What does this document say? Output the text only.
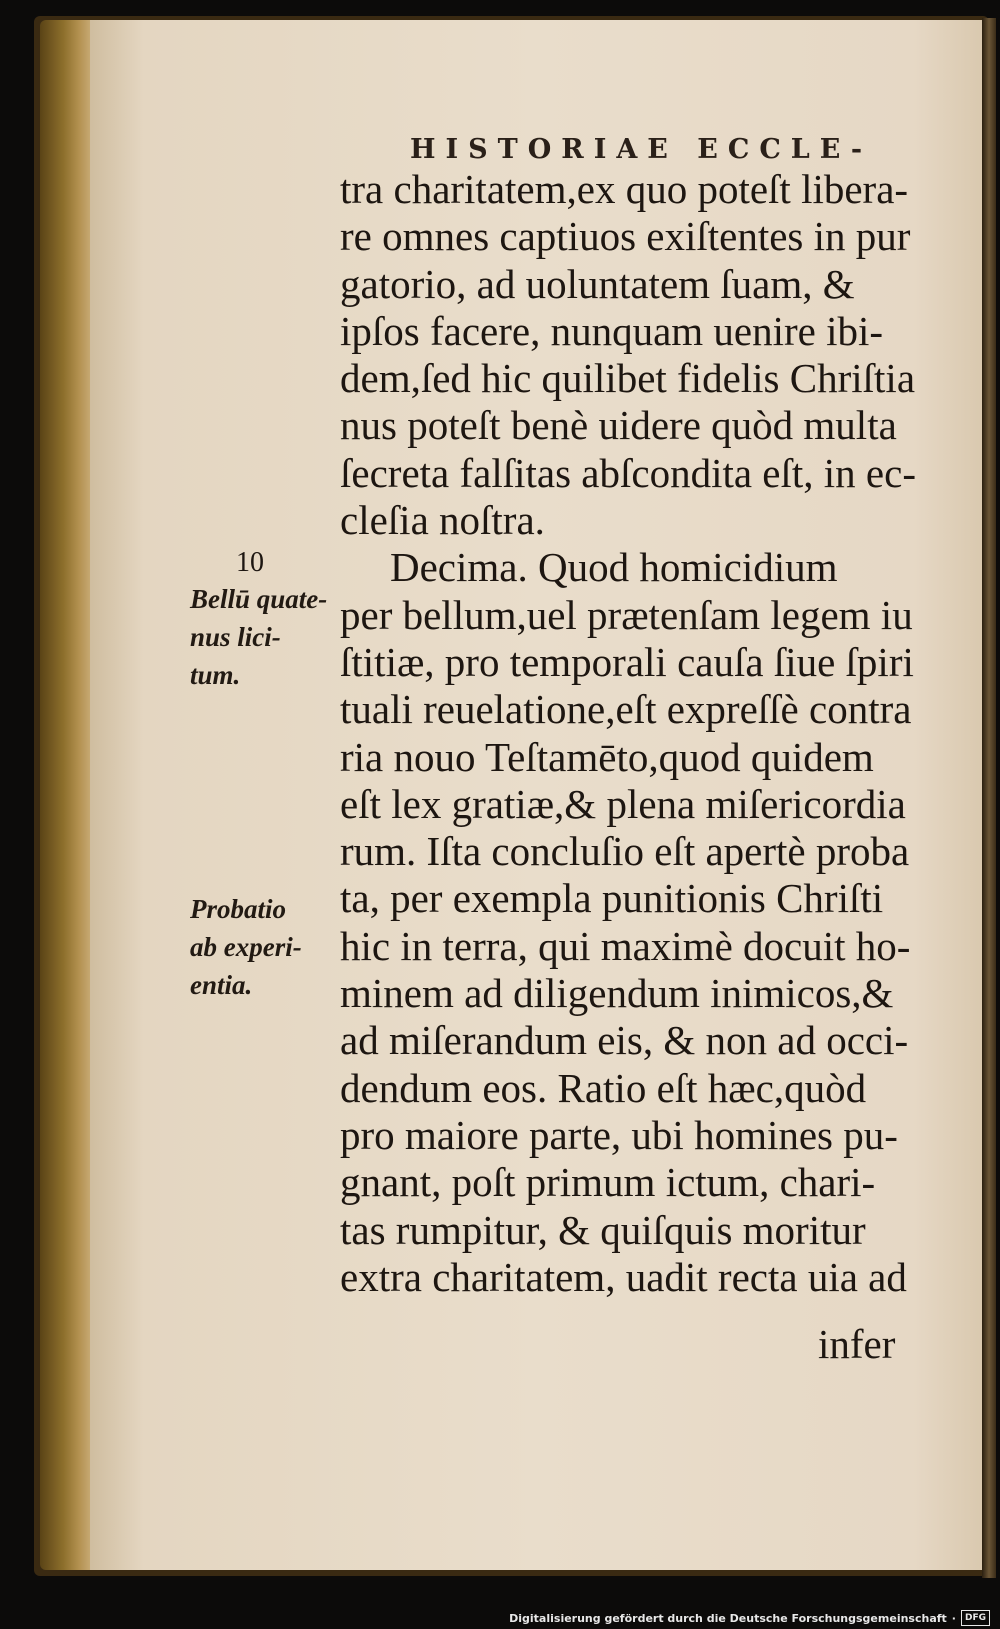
HISTORIAE ECCLE-
tra charitatem,ex quo poteſt libera-
re omnes captiuos exiſtentes in pur
gatorio, ad uoluntatem ſuam, &
ipſos facere, nunquam uenire ibi-
dem,ſed hic quilibet fidelis Chriſtia
nus poteſt benè uidere quòd multa
ſecreta falſitas abſcondita eſt, in ec-
cleſia noſtra.
Decima. Quod homicidium
per bellum,uel prætenſam legem iu
ſtitiæ, pro temporali cauſa ſiue ſpiri
tuali reuelatione,eſt expreſſè contra
ria nouo Teſtamēto,quod quidem
eſt lex gratiæ,& plena miſericordia
rum. Iſta concluſio eſt apertè proba
ta, per exempla punitionis Chriſti
hic in terra, qui maximè docuit ho-
minem ad diligendum inimicos,&
ad miſerandum eis, & non ad occi-
dendum eos. Ratio eſt hæc,quòd
pro maiore parte, ubi homines pu-
gnant, poſt primum ictum, chari-
tas rumpitur, & quiſquis moritur
extra charitatem, uadit recta uia ad
infer
10
Bellū quate-
nus lici-
tum.
Probatio
ab experi-
entia.
Digitalisierung gefördert durch die Deutsche Forschungsgemeinschaft ·	DFG
